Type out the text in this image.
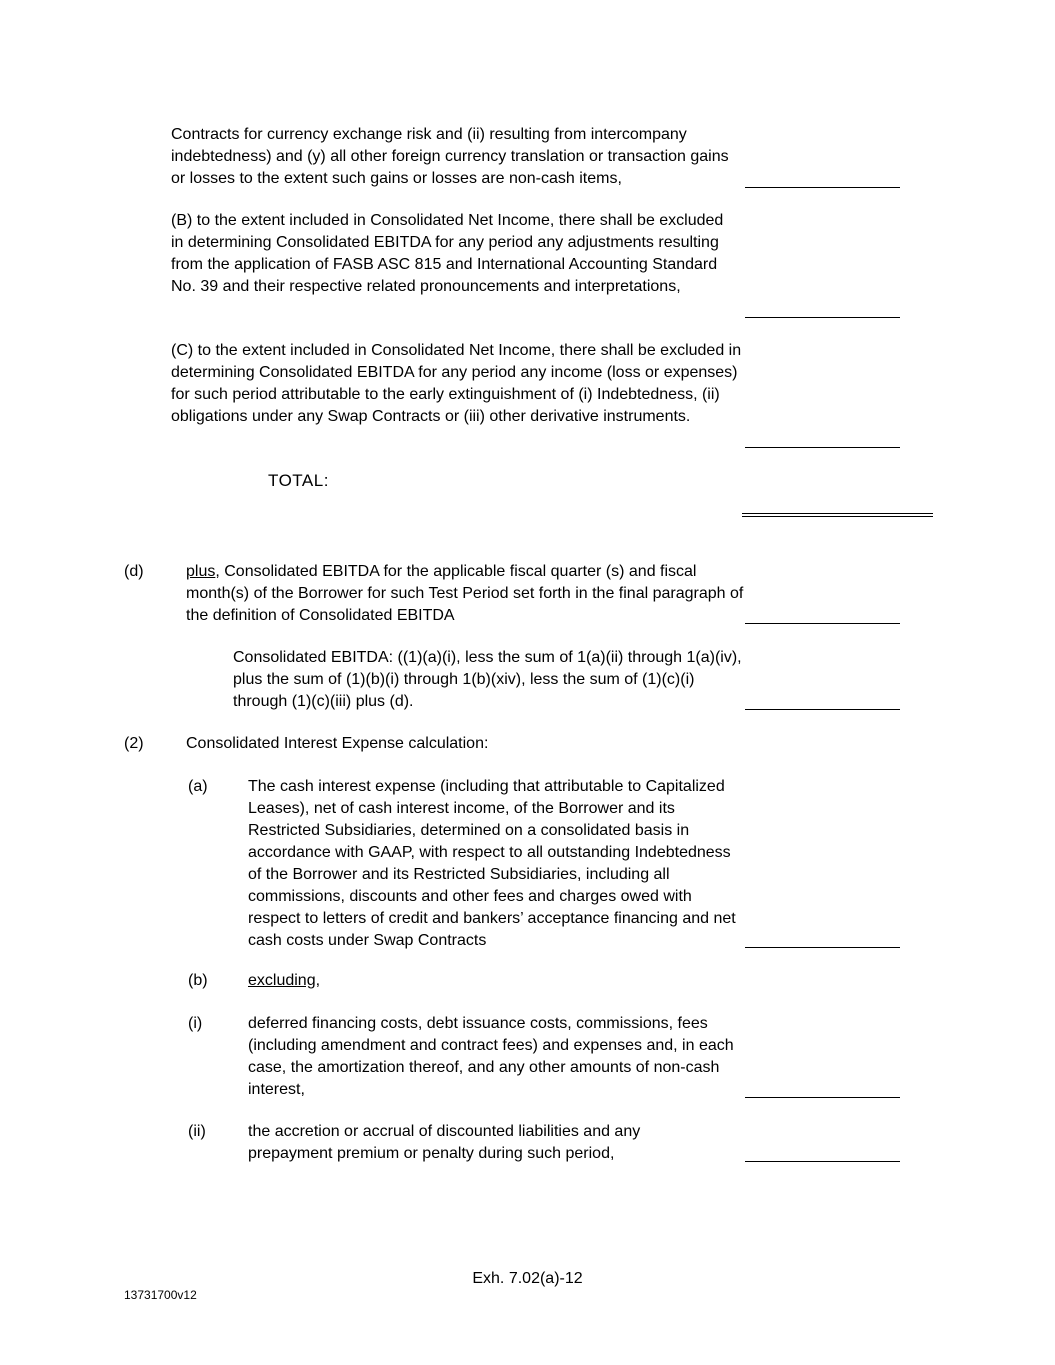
Contracts for currency exchange risk and (ii) resulting from intercompany indebtedness) and (y) all other foreign currency translation or transaction gains or losses to the extent such gains or losses are non-cash items,
(B) to the extent included in Consolidated Net Income, there shall be excluded in determining Consolidated EBITDA for any period any adjustments resulting from the application of FASB ASC 815 and International Accounting Standard No. 39 and their respective related pronouncements and interpretations,
(C) to the extent included in Consolidated Net Income, there shall be excluded in determining Consolidated EBITDA for any period any income (loss or expenses) for such period attributable to the early extinguishment of (i) Indebtedness, (ii) obligations under any Swap Contracts or (iii) other derivative instruments.
TOTAL:
(d)	plus, Consolidated EBITDA for the applicable fiscal quarter (s) and fiscal month(s) of the Borrower for such Test Period set forth in the final paragraph of the definition of Consolidated EBITDA
Consolidated EBITDA: ((1)(a)(i), less the sum of 1(a)(ii) through 1(a)(iv), plus the sum of (1)(b)(i) through 1(b)(xiv), less the sum of (1)(c)(i) through (1)(c)(iii) plus (d).
(2)	Consolidated Interest Expense calculation:
(a)	The cash interest expense (including that attributable to Capitalized Leases), net of cash interest income, of the Borrower and its Restricted Subsidiaries, determined on a consolidated basis in accordance with GAAP, with respect to all outstanding Indebtedness of the Borrower and its Restricted Subsidiaries, including all commissions, discounts and other fees and charges owed with respect to letters of credit and bankers’ acceptance financing and net cash costs under Swap Contracts
(b)	excluding,
(i)	deferred financing costs, debt issuance costs, commissions, fees (including amendment and contract fees) and expenses and, in each case, the amortization thereof, and any other amounts of non-cash interest,
(ii)	the accretion or accrual of discounted liabilities and any prepayment premium or penalty during such period,
Exh. 7.02(a)-12
13731700v12
